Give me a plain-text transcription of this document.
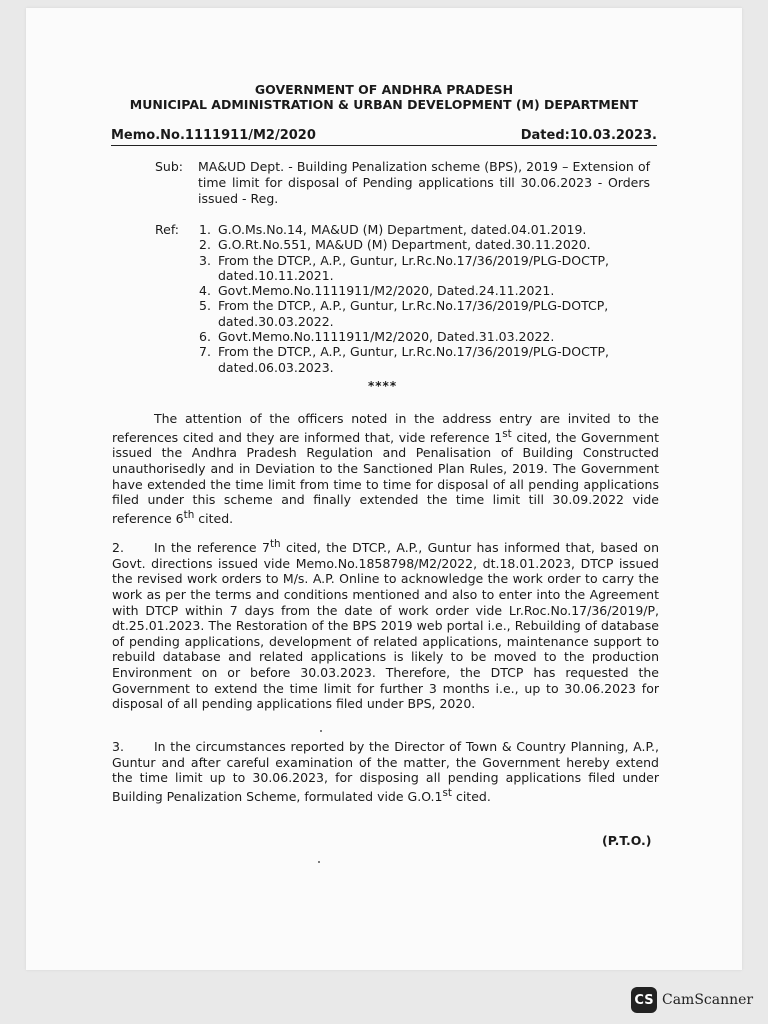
GOVERNMENT OF ANDHRA PRADESH
MUNICIPAL ADMINISTRATION & URBAN DEVELOPMENT (M) DEPARTMENT
Memo.No.1111911/M2/2020	Dated:10.03.2023.
Sub: MA&UD Dept. - Building Penalization scheme (BPS), 2019 – Extension of time limit for disposal of Pending applications till 30.06.2023 - Orders issued - Reg.
Ref: 1. G.O.Ms.No.14, MA&UD (M) Department, dated.04.01.2019.
2. G.O.Rt.No.551, MA&UD (M) Department, dated.30.11.2020.
3. From the DTCP., A.P., Guntur, Lr.Rc.No.17/36/2019/PLG-DOCTP, dated.10.11.2021.
4. Govt.Memo.No.1111911/M2/2020, Dated.24.11.2021.
5. From the DTCP., A.P., Guntur, Lr.Rc.No.17/36/2019/PLG-DOTCP, dated.30.03.2022.
6. Govt.Memo.No.1111911/M2/2020, Dated.31.03.2022.
7. From the DTCP., A.P., Guntur, Lr.Rc.No.17/36/2019/PLG-DOCTP, dated.06.03.2023.
****
The attention of the officers noted in the address entry are invited to the references cited and they are informed that, vide reference 1st cited, the Government issued the Andhra Pradesh Regulation and Penalisation of Building Constructed unauthorisedly and in Deviation to the Sanctioned Plan Rules, 2019. The Government have extended the time limit from time to time for disposal of all pending applications filed under this scheme and finally extended the time limit till 30.09.2022 vide reference 6th cited.
2. In the reference 7th cited, the DTCP., A.P., Guntur has informed that, based on Govt. directions issued vide Memo.No.1858798/M2/2022, dt.18.01.2023, DTCP issued the revised work orders to M/s. A.P. Online to acknowledge the work order to carry the work as per the terms and conditions mentioned and also to enter into the Agreement with DTCP within 7 days from the date of work order vide Lr.Roc.No.17/36/2019/P, dt.25.01.2023. The Restoration of the BPS 2019 web portal i.e., Rebuilding of database of pending applications, development of related applications, maintenance support to rebuild database and related applications is likely to be moved to the production Environment on or before 30.03.2023. Therefore, the DTCP has requested the Government to extend the time limit for further 3 months i.e., up to 30.06.2023 for disposal of all pending applications filed under BPS, 2020.
3. In the circumstances reported by the Director of Town & Country Planning, A.P., Guntur and after careful examination of the matter, the Government hereby extend the time limit up to 30.06.2023, for disposing all pending applications filed under Building Penalization Scheme, formulated vide G.O.1st cited.
(P.T.O.)
CS CamScanner
